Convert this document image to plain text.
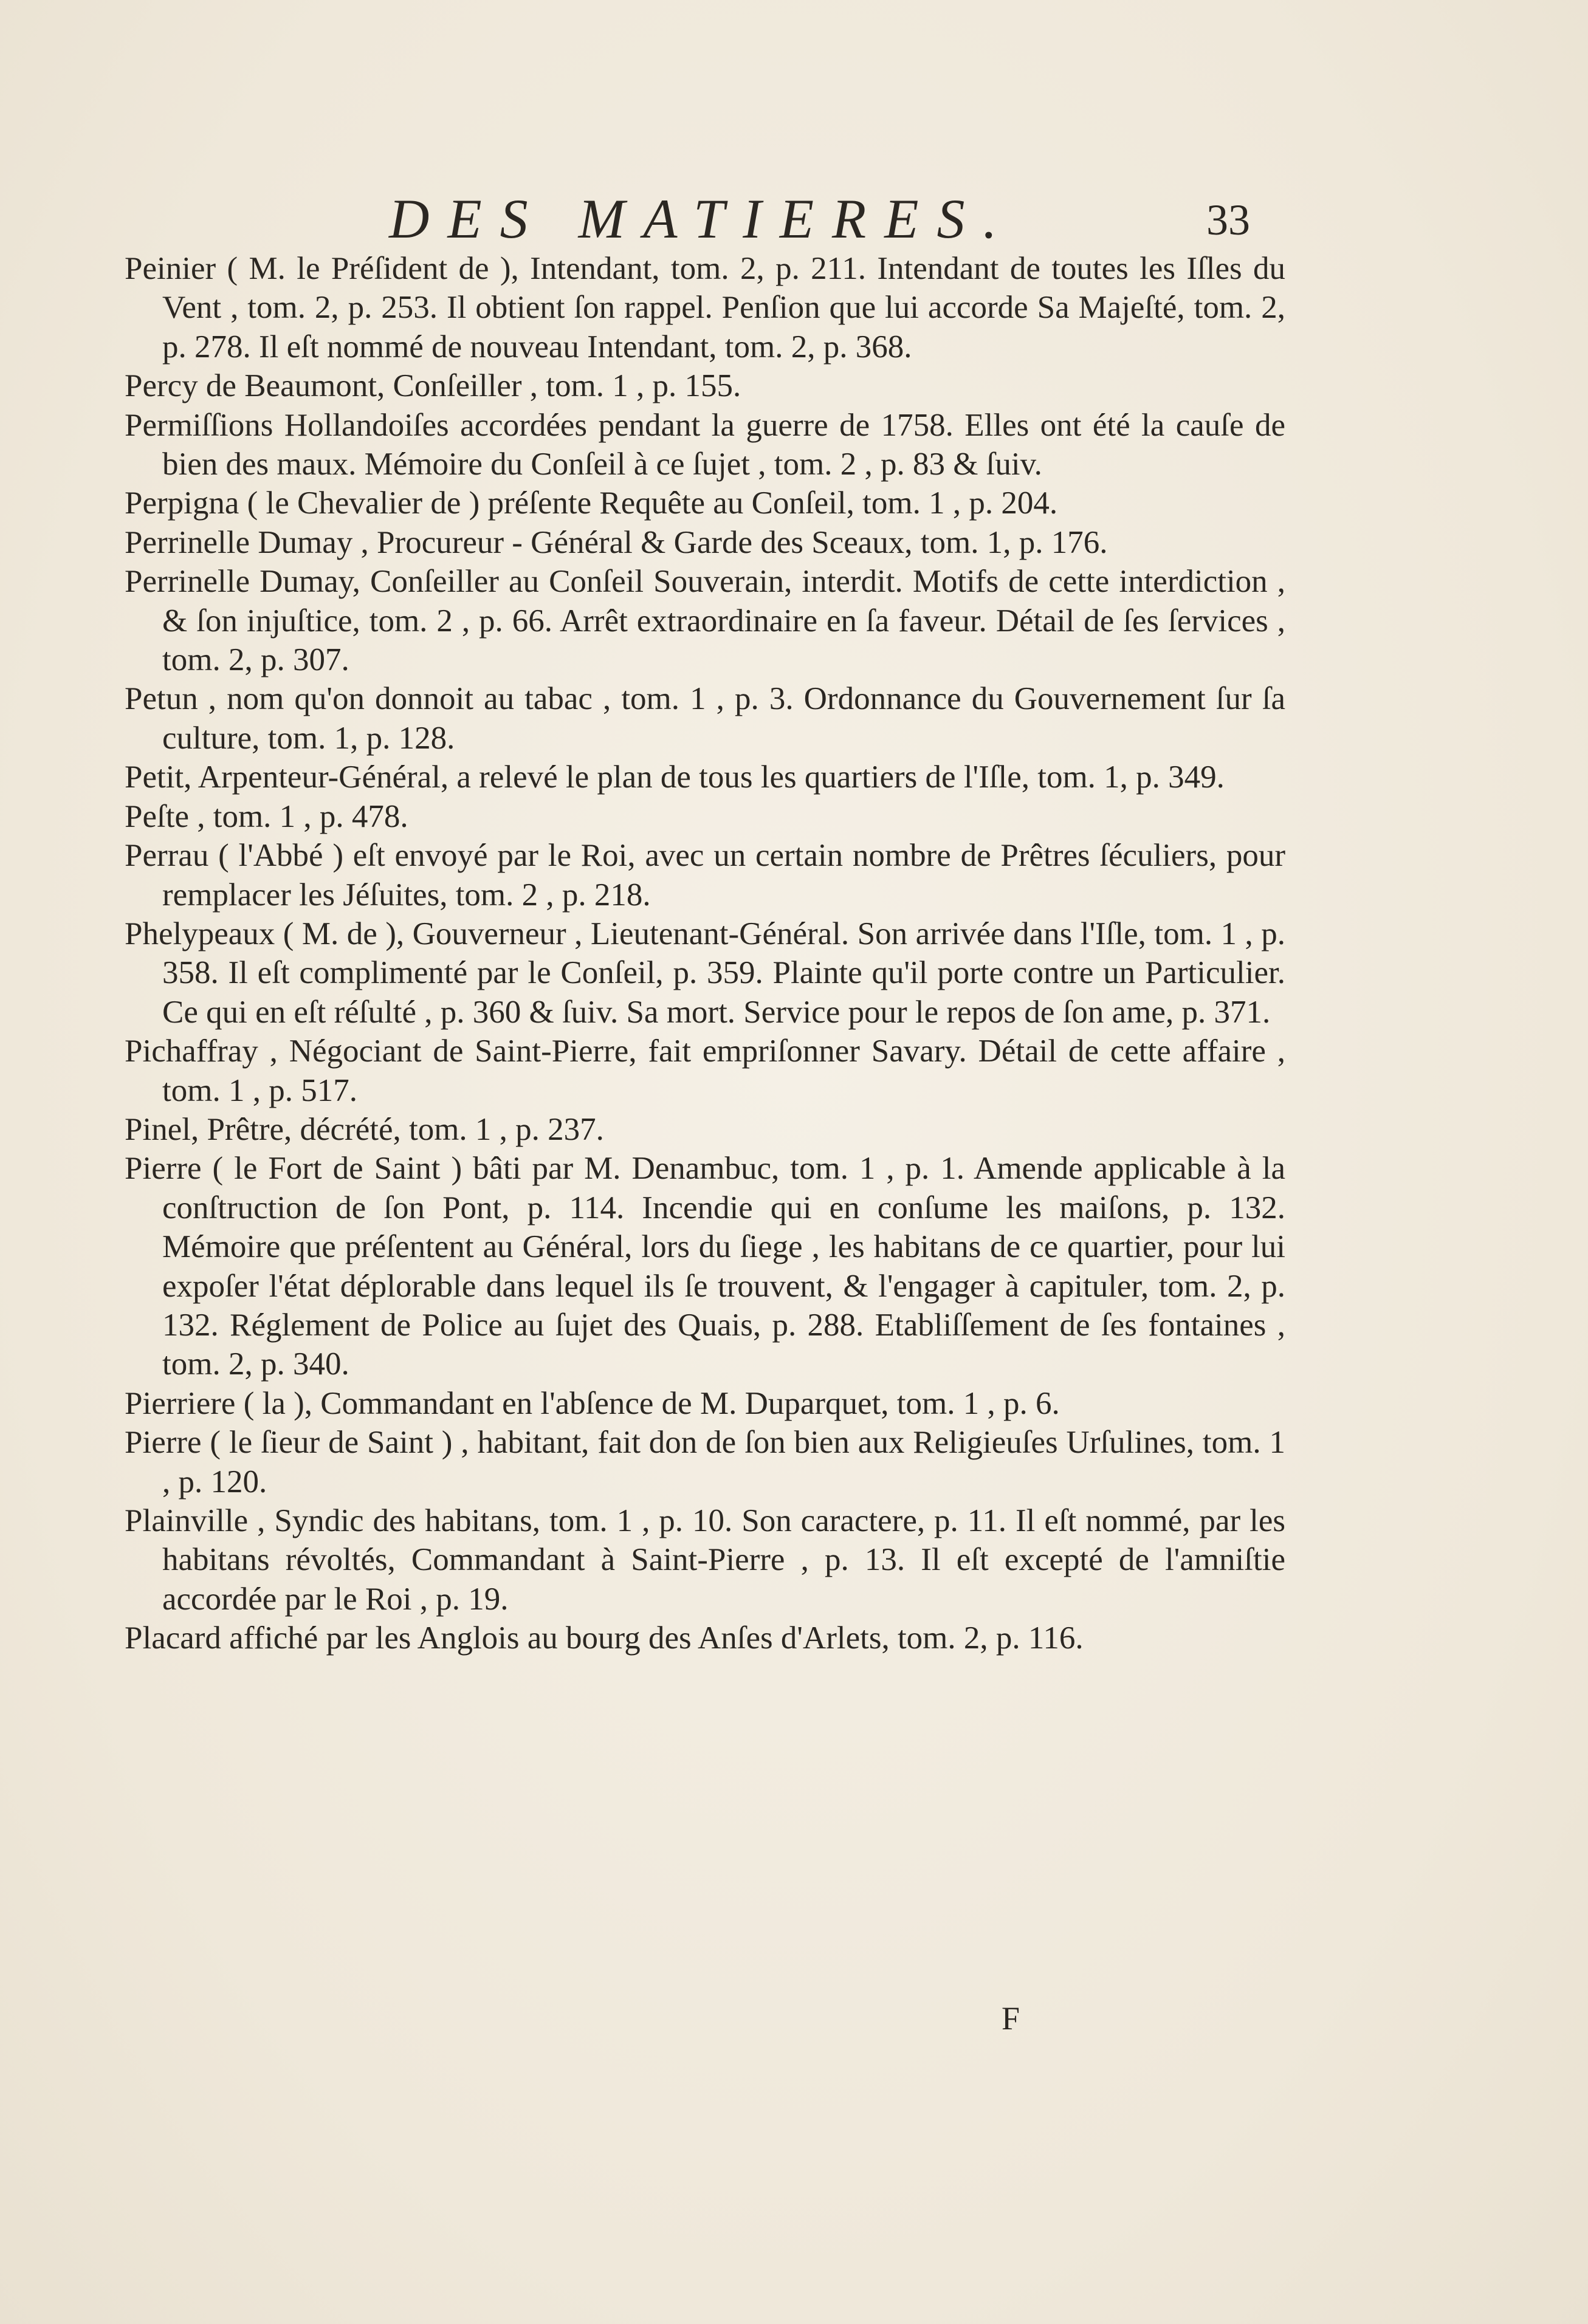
DES MATIERES.	33

Peinier ( M. le Préſident de ), Intendant, tom. 2, p. 211. Intendant de toutes les Iſles du Vent , tom. 2, p. 253. Il obtient ſon rappel. Penſion que lui accorde Sa Majeſté, tom. 2, p. 278. Il eſt nommé de nouveau Intendant, tom. 2, p. 368.

Percy de Beaumont, Conſeiller , tom. 1 , p. 155.

Permiſſions Hollandoiſes accordées pendant la guerre de 1758. Elles ont été la cauſe de bien des maux. Mémoire du Conſeil à ce ſujet , tom. 2 , p. 83 & ſuiv.

Perpigna ( le Chevalier de ) préſente Requête au Conſeil, tom. 1 , p. 204.

Perrinelle Dumay , Procureur - Général & Garde des Sceaux, tom. 1, p. 176.

Perrinelle Dumay, Conſeiller au Conſeil Souverain, interdit. Motifs de cette interdiction , & ſon injuſtice, tom. 2 , p. 66. Arrêt extraordinaire en ſa faveur. Détail de ſes ſervices , tom. 2, p. 307.

Petun , nom qu'on donnoit au tabac , tom. 1 , p. 3. Ordonnance du Gouvernement ſur ſa culture, tom. 1, p. 128.

Petit, Arpenteur-Général, a relevé le plan de tous les quartiers de l'Iſle, tom. 1, p. 349.

Peſte , tom. 1 , p. 478.

Perrau ( l'Abbé ) eſt envoyé par le Roi, avec un certain nombre de Prêtres ſéculiers, pour remplacer les Jéſuites, tom. 2 , p. 218.

Phelypeaux ( M. de ), Gouverneur , Lieutenant-Général. Son arrivée dans l'Iſle, tom. 1 , p. 358. Il eſt complimenté par le Conſeil, p. 359. Plainte qu'il porte contre un Particulier. Ce qui en eſt réſulté , p. 360 & ſuiv. Sa mort. Service pour le repos de ſon ame, p. 371.

Pichaffray , Négociant de Saint-Pierre, fait empriſonner Savary. Détail de cette affaire , tom. 1 , p. 517.

Pinel, Prêtre, décrété, tom. 1 , p. 237.

Pierre ( le Fort de Saint ) bâti par M. Denambuc, tom. 1 , p. 1. Amende applicable à la conſtruction de ſon Pont, p. 114. Incendie qui en conſume les maiſons, p. 132. Mémoire que préſentent au Général, lors du ſiege , les habitans de ce quartier, pour lui expoſer l'état déplorable dans lequel ils ſe trouvent, & l'engager à capituler, tom. 2, p. 132. Réglement de Police au ſujet des Quais, p. 288. Etabliſſement de ſes fontaines , tom. 2, p. 340.

Pierriere ( la ), Commandant en l'abſence de M. Duparquet, tom. 1 , p. 6.

Pierre ( le ſieur de Saint ) , habitant, fait don de ſon bien aux Religieuſes Urſulines, tom. 1 , p. 120.

Plainville , Syndic des habitans, tom. 1 , p. 10. Son caractere, p. 11. Il eſt nommé, par les habitans révoltés, Commandant à Saint-Pierre , p. 13. Il eſt excepté de l'amniſtie accordée par le Roi , p. 19.

Placard affiché par les Anglois au bourg des Anſes d'Arlets, tom. 2, p. 116.

F
